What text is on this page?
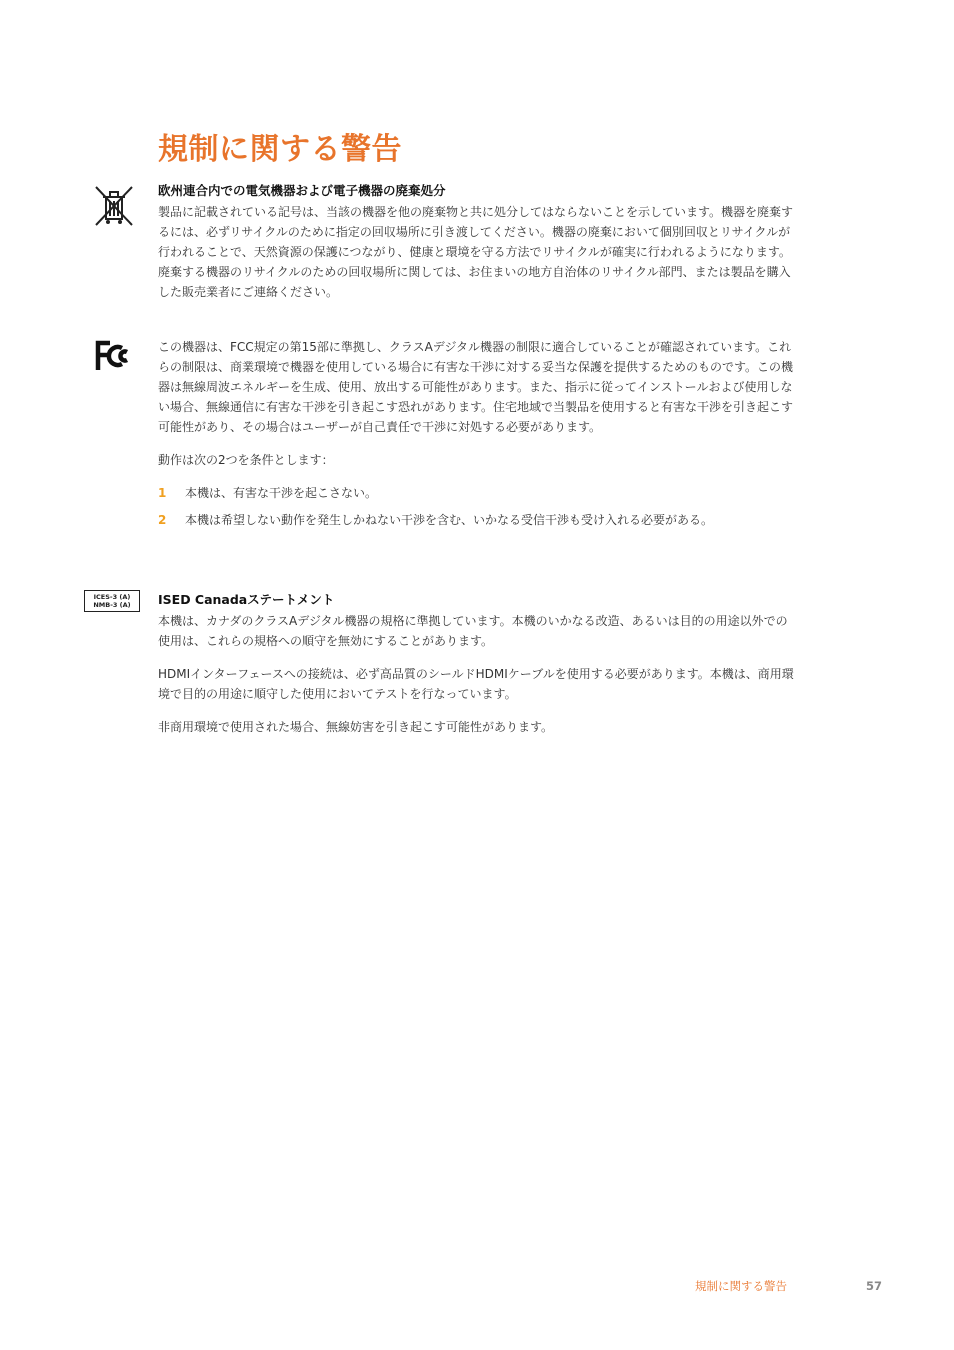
規制に関する警告
欧州連合内での電気機器および電子機器の廃棄処分

製品に記載されている記号は、当該の機器を他の廃棄物と共に処分してはならないことを示しています。機器を廃棄するには、必ずリサイクルのために指定の回収場所に引き渡してください。機器の廃棄において個別回収とリサイクルが行われることで、天然資源の保護につながり、健康と環境を守る方法でリサイクルが確実に行われるようになります。廃棄する機器のリサイクルのための回収場所に関しては、お住まいの地方自治体のリサイクル部門、または製品を購入した販売業者にご連絡ください。

この機器は、FCC規定の第15部に準拠し、クラスAデジタル機器の制限に適合していることが確認されています。これらの制限は、商業環境で機器を使用している場合に有害な干渉に対する妥当な保護を提供するためのものです。この機器は無線周波エネルギーを生成、使用、放出する可能性があります。また、指示に従ってインストールおよび使用しない場合、無線通信に有害な干渉を引き起こす恐れがあります。住宅地域で当製品を使用すると有害な干渉を引き起こす可能性があり、その場合はユーザーが自己責任で干渉に対処する必要があります。

動作は次の2つを条件とします：

1	本機は、有害な干渉を起こさない。
2	本機は希望しない動作を発生しかねない干渉を含む、いかなる受信干渉も受け入れる必要がある。
ICES-3 (A)
NMB-3 (A)	ISED Canadaステートメント

本機は、カナダのクラスAデジタル機器の規格に準拠しています。本機のいかなる改造、あるいは目的の用途以外での使用は、これらの規格への順守を無効にすることがあります。

HDMIインターフェースへの接続は、必ず高品質のシールドHDMIケーブルを使用する必要があります。本機は、商用環境で目的の用途に順守した使用においてテストを行なっています。

非商用環境で使用された場合、無線妨害を引き起こす可能性があります。

規制に関する警告	57
